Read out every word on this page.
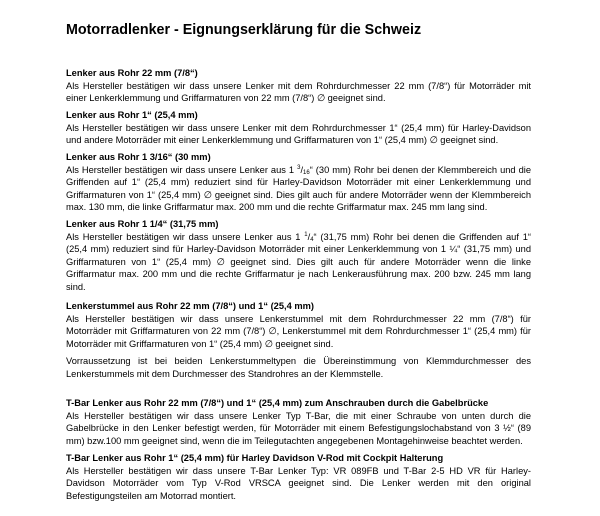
Motorradlenker - Eignungserklärung für die Schweiz
Lenker aus Rohr 22 mm (7/8“)
Als Hersteller bestätigen wir dass unsere Lenker mit dem Rohrdurchmesser 22 mm (7/8“) für Motorräder mit
einer Lenkerklemmung und Griffarmaturen von 22 mm (7/8“) ∅ geeignet sind.
Lenker aus Rohr 1“ (25,4 mm)
Als Hersteller bestätigen wir dass unsere Lenker mit dem Rohrdurchmesser 1“ (25,4 mm) für Harley-Davidson
und andere Motorräder mit einer Lenkerklemmung und Griffarmaturen von 1“ (25,4 mm) ∅ geeignet sind.
Lenker aus Rohr 1 3/16“ (30 mm)
Als Hersteller bestätigen wir dass unsere Lenker aus 1 $^3/_{16}“$ (30 mm) Rohr bei denen der Klemmbereich und die
Griffenden auf 1“ (25,4 mm) reduziert sind für Harley-Davidson Motorräder mit einer Lenkerklemmung und
Griffarmaturen von 1“ (25,4 mm) ∅ geeignet sind. Dies gilt auch für andere Motorräder wenn der Klemmbereich
max. 130 mm, die linke Griffarmatur max. 200 mm und die rechte Griffarmatur max. 245 mm lang sind.
Lenker aus Rohr 1 1/4“ (31,75 mm)
Als Hersteller bestätigen wir dass unsere Lenker aus 1 $^1/_4“$ (31,75 mm) Rohr bei denen die Griffenden auf 1“
(25,4 mm) reduziert sind für Harley-Davidson Motorräder mit einer Lenkerklemmung von 1 ¼“ (31,75 mm) und
Griffarmaturen von 1“ (25,4 mm) ∅ geeignet sind. Dies gilt auch für andere Motorräder wenn die linke
Griffarmatur max. 200 mm und die rechte Griffarmatur je nach Lenkerausführung max. 200 bzw. 245 mm lang
sind.
Lenkerstummel aus Rohr 22 mm (7/8“) und 1“ (25,4 mm)
Als Hersteller bestätigen wir dass unsere Lenkerstummel mit dem Rohrdurchmesser 22 mm (7/8“) für
Motorräder mit Griffarmaturen von 22 mm (7/8“) ∅, Lenkerstummel mit dem Rohrdurchmesser 1“ (25,4 mm) für
Motorräder mit Griffarmaturen von 1“ (25,4 mm) ∅ geeignet sind.
Vorraussetzung ist bei beiden Lenkerstummeltypen die Übereinstimmung von Klemmdurchmesser des
Lenkerstummels mit dem Durchmesser des Standrohres an der Klemmstelle.
T-Bar Lenker aus Rohr 22 mm (7/8“) und 1“ (25,4 mm) zum Anschrauben durch die Gabelbrücke
Als Hersteller bestätigen wir dass unsere Lenker Typ T-Bar, die mit einer Schraube von unten durch die
Gabelbrücke in den Lenker befestigt werden, für Motorräder mit einem Befestigungslochabstand von 3 ½“ (89
mm) bzw.100 mm geeignet sind, wenn die im Teilegutachten angegebenen Montagehinweise beachtet werden.
T-Bar Lenker aus Rohr 1“ (25,4 mm) für Harley Davidson V-Rod mit Cockpit Halterung
Als Hersteller bestätigen wir dass unsere T-Bar Lenker Typ: VR 089FB und T-Bar 2-5 HD VR für Harley-
Davidson Motorräder vom Typ V-Rod VRSCA geeignet sind. Die Lenker werden mit den original
Befestigungsteilen am Motorrad montiert.
